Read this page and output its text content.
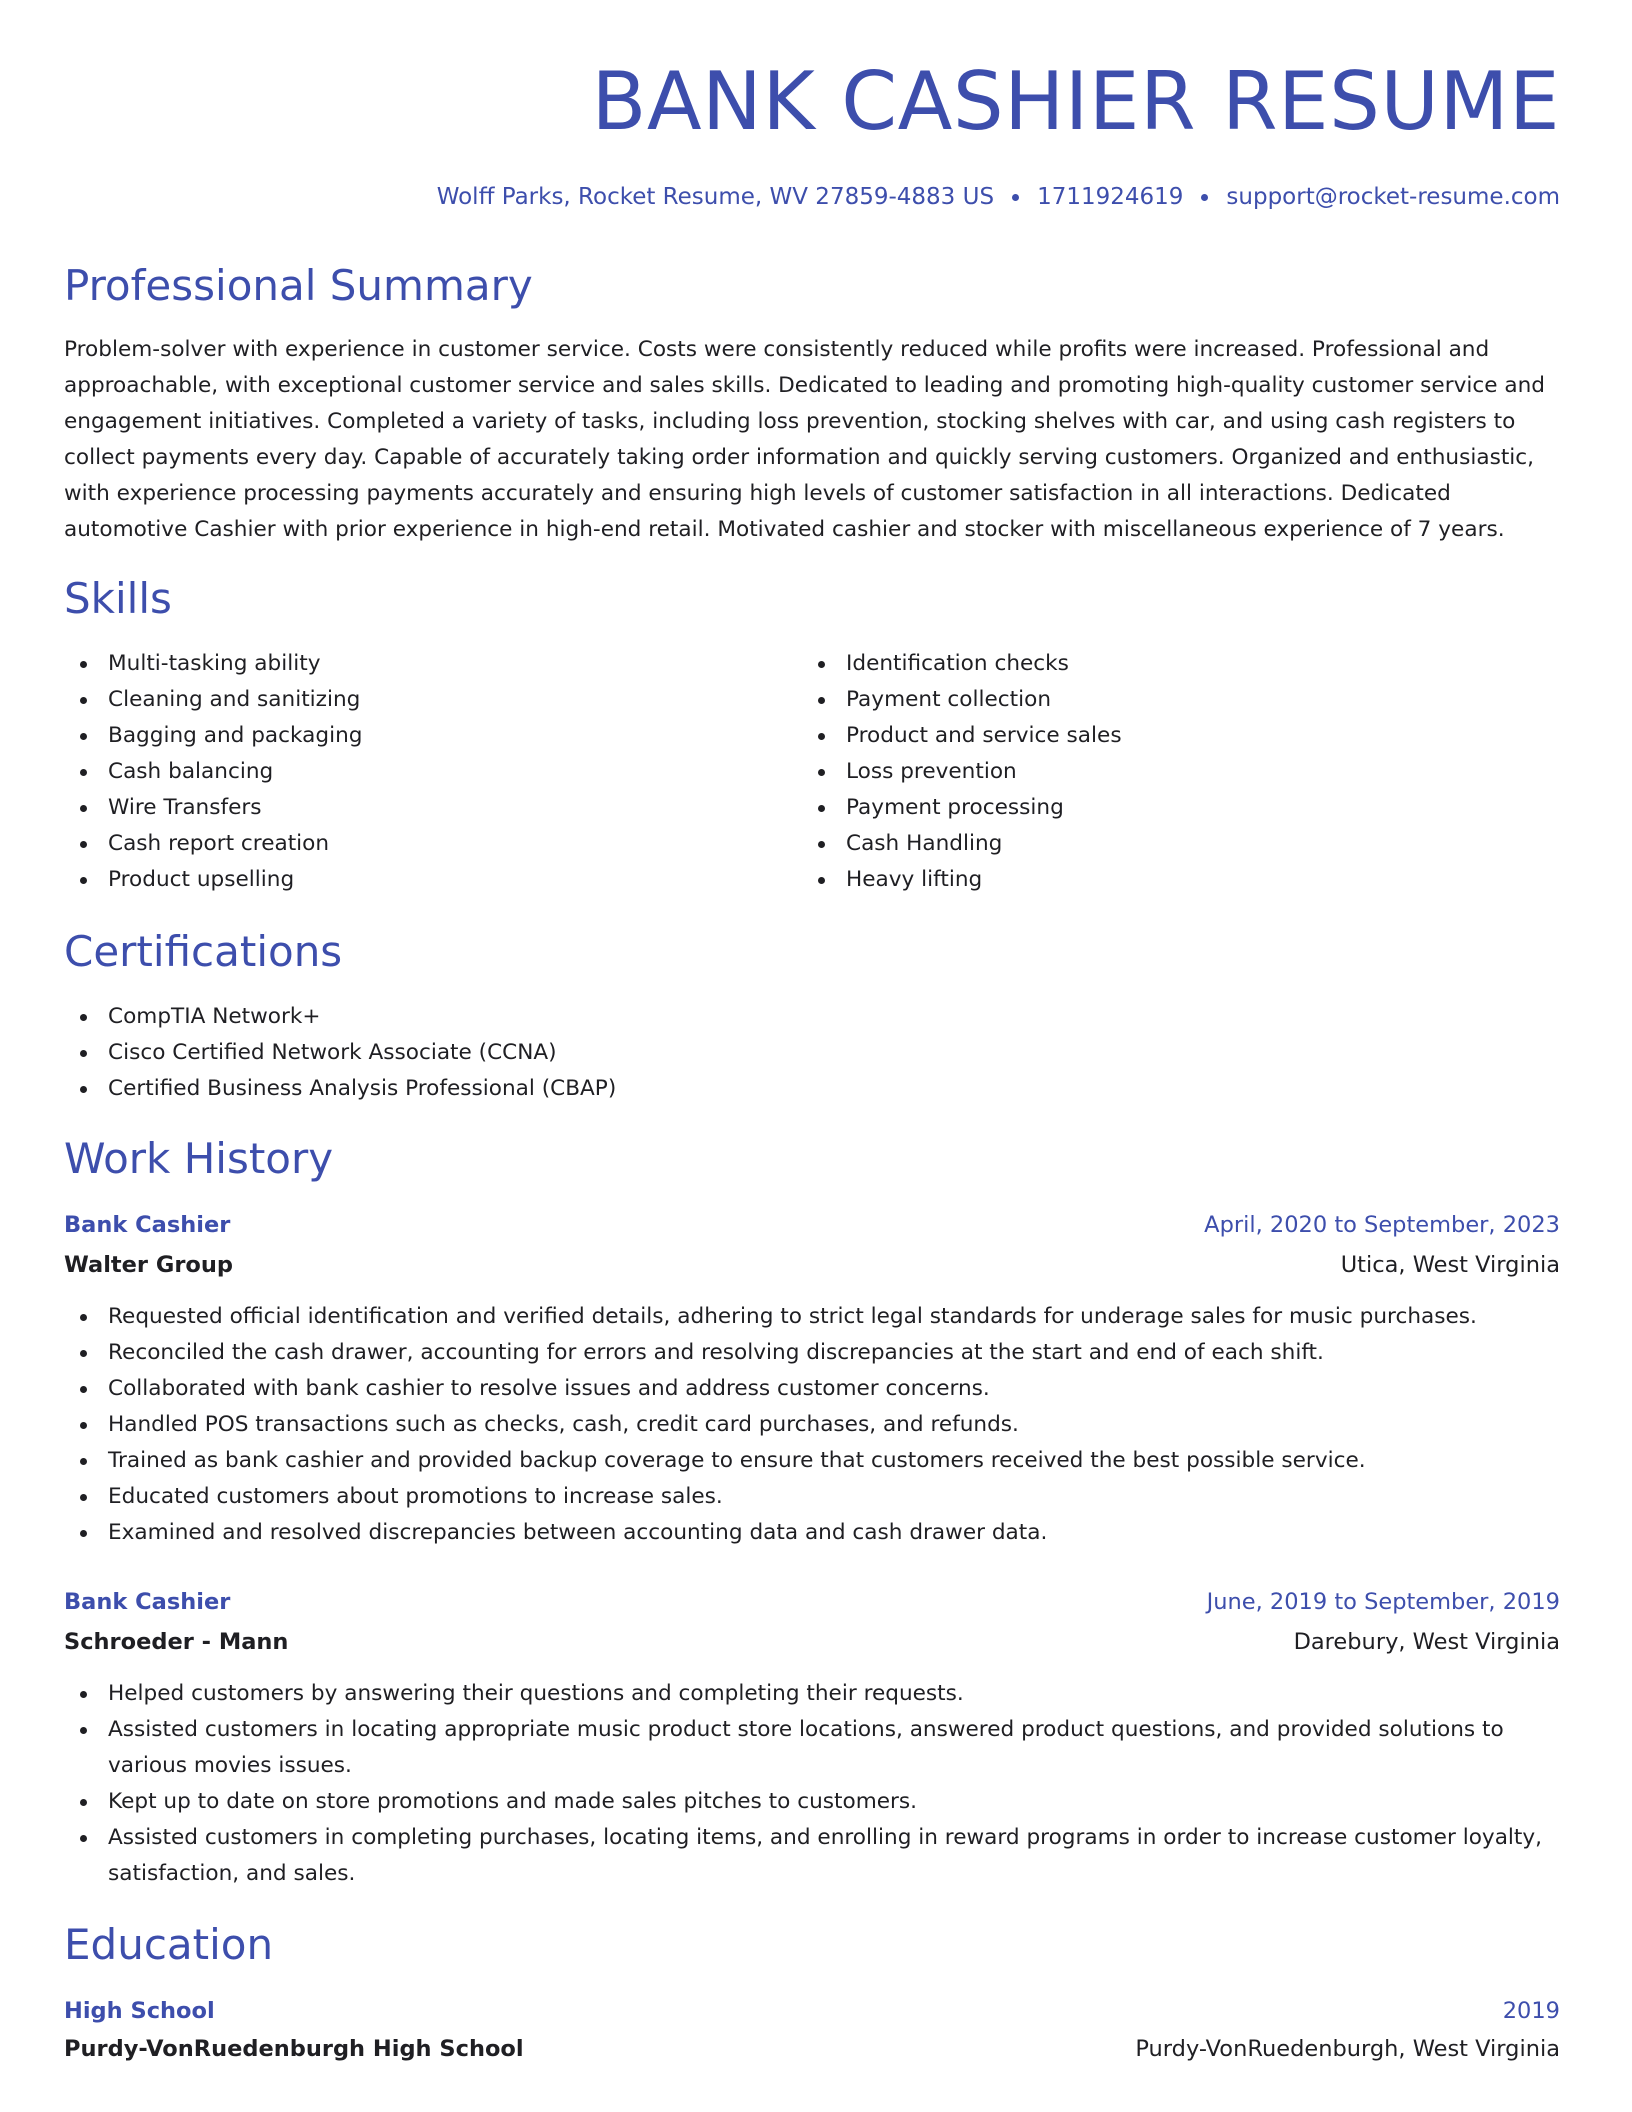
BANK CASHIER RESUME
Wolff Parks, Rocket Resume, WV 27859-4883 US 1711924619 support@rocket-resume.com
Professional Summary

Problem-solver with experience in customer service. Costs were consistently reduced while profits were increased. Professional and approachable, with exceptional customer service and sales skills. Dedicated to leading and promoting high-quality customer service and engagement initiatives. Completed a variety of tasks, including loss prevention, stocking shelves with car, and using cash registers to collect payments every day. Capable of accurately taking order information and quickly serving customers. Organized and enthusiastic, with experience processing payments accurately and ensuring high levels of customer satisfaction in all interactions. Dedicated automotive Cashier with prior experience in high-end retail. Motivated cashier and stocker with miscellaneous experience of 7 years.

Skills
Multi-tasking ability
Cleaning and sanitizing
Bagging and packaging
Cash balancing
Wire Transfers
Cash report creation
Product upselling
Identification checks
Payment collection
Product and service sales
Loss prevention
Payment processing
Cash Handling
Heavy lifting
Certifications
CompTIA Network+
Cisco Certified Network Associate (CCNA)
Certified Business Analysis Professional (CBAP)
Work History
Bank Cashier	April, 2020 to September, 2023
Walter Group	Utica, West Virginia
Requested official identification and verified details, adhering to strict legal standards for underage sales for music purchases.
Reconciled the cash drawer, accounting for errors and resolving discrepancies at the start and end of each shift.
Collaborated with bank cashier to resolve issues and address customer concerns.
Handled POS transactions such as checks, cash, credit card purchases, and refunds.
Trained as bank cashier and provided backup coverage to ensure that customers received the best possible service.
Educated customers about promotions to increase sales.
Examined and resolved discrepancies between accounting data and cash drawer data.
Bank Cashier	June, 2019 to September, 2019
Schroeder - Mann	Darebury, West Virginia
Helped customers by answering their questions and completing their requests.
Assisted customers in locating appropriate music product store locations, answered product questions, and provided solutions to various movies issues.
Kept up to date on store promotions and made sales pitches to customers.
Assisted customers in completing purchases, locating items, and enrolling in reward programs in order to increase customer loyalty, satisfaction, and sales.
Education
High School	2019
Purdy-VonRuedenburgh High School	Purdy-VonRuedenburgh, West Virginia
